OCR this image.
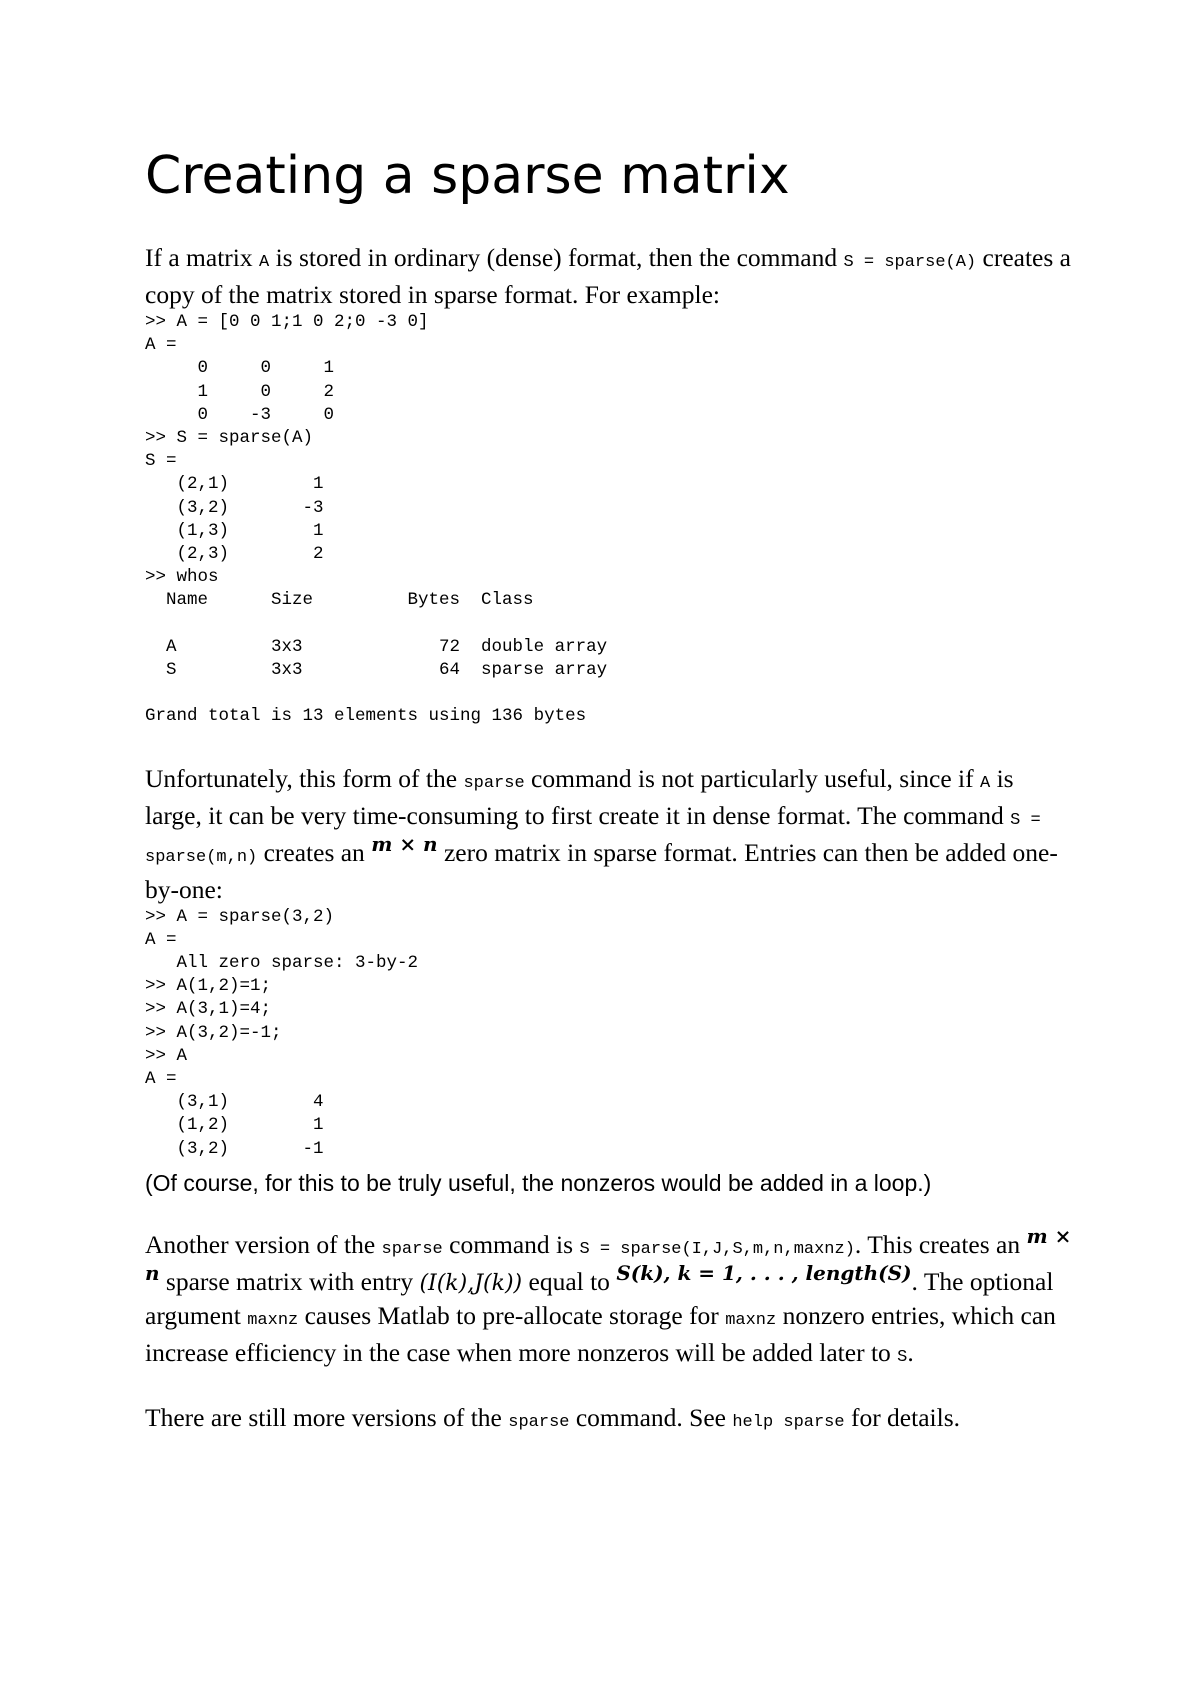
Creating a sparse matrix

If a matrix A is stored in ordinary (dense) format, then the command S = sparse(A) creates a copy of the matrix stored in sparse format. For example:

>> A = [0 0 1;1 0 2;0 -3 0]
A =
0     0     1
1     0     2
0    -3     0
>> S = sparse(A)
S =
(2,1)        1
(3,2)       -3
(1,3)        1
(2,3)        2
>> whos
Name      Size         Bytes  Class

A         3x3             72  double array
S         3x3             64  sparse array

Grand total is 13 elements using 136 bytes

Unfortunately, this form of the sparse command is not particularly useful, since if A is large, it can be very time-consuming to first create it in dense format. The command S = sparse(m,n) creates an $^{m \times n}$ zero matrix in sparse format. Entries can then be added one-by-one:

>> A = sparse(3,2)
A =
All zero sparse: 3-by-2
>> A(1,2)=1;
>> A(3,1)=4;
>> A(3,2)=-1;
>> A
A =
(3,1)        4
(1,2)        1
(3,2)       -1

(Of course, for this to be truly useful, the nonzeros would be added in a loop.)

Another version of the sparse command is S = sparse(I,J,S,m,n,maxnz). This creates an $^{m \times n}$ sparse matrix with entry (I(k),J(k)) equal to $^{S(k), k = 1, . . . , length(S)}$. The optional argument maxnz causes Matlab to pre-allocate storage for maxnz nonzero entries, which can increase efficiency in the case when more nonzeros will be added later to S.

There are still more versions of the sparse command. See help sparse for details.
